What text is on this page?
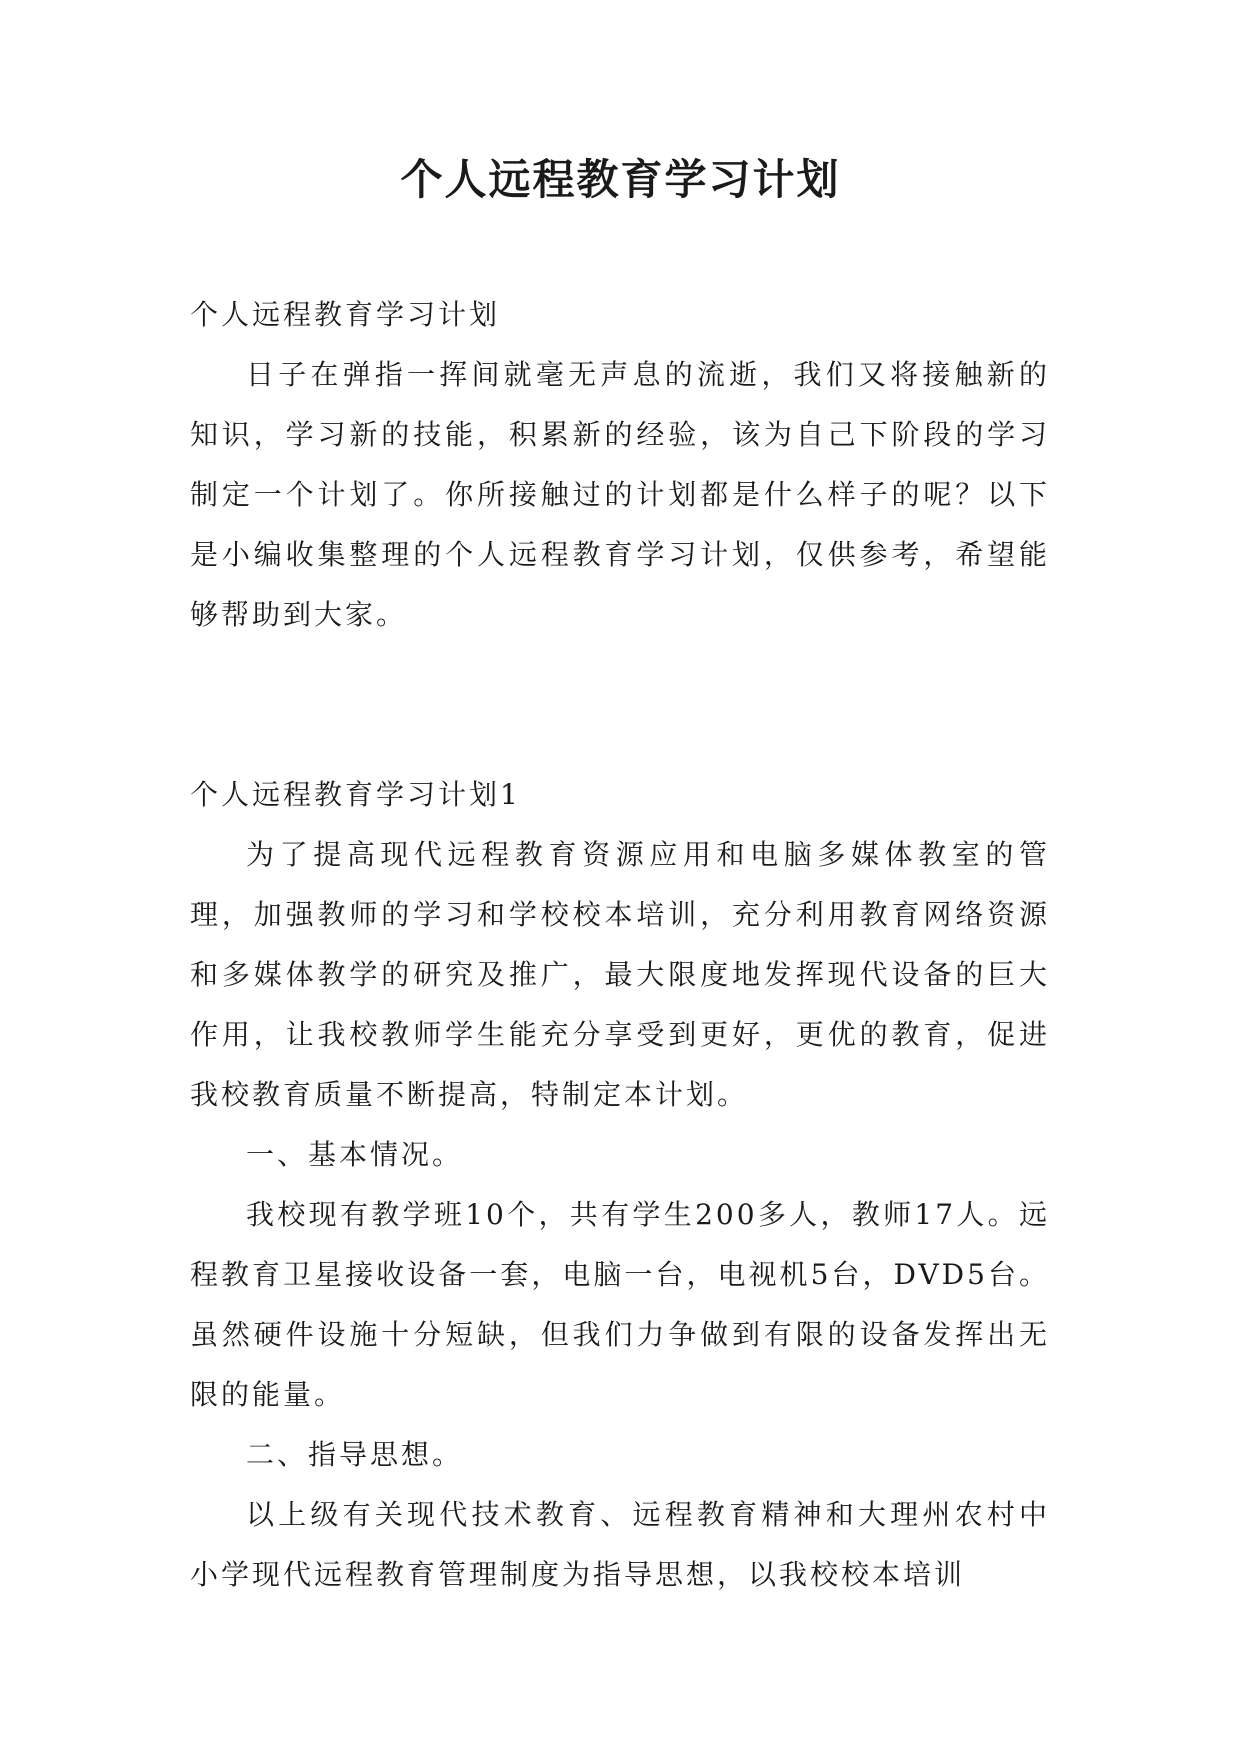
个人远程教育学习计划

个人远程教育学习计划

日子在弹指一挥间就毫无声息的流逝，我们又将接触新的知识，学习新的技能，积累新的经验，该为自己下阶段的学习制定一个计划了。你所接触过的计划都是什么样子的呢？以下是小编收集整理的个人远程教育学习计划，仅供参考，希望能够帮助到大家。

个人远程教育学习计划1

为了提高现代远程教育资源应用和电脑多媒体教室的管理，加强教师的学习和学校校本培训，充分利用教育网络资源和多媒体教学的研究及推广，最大限度地发挥现代设备的巨大作用，让我校教师学生能充分享受到更好，更优的教育，促进我校教育质量不断提高，特制定本计划。

一、基本情况。

我校现有教学班10个，共有学生200多人，教师17人。远程教育卫星接收设备一套，电脑一台，电视机5台，DVD5台。虽然硬件设施十分短缺，但我们力争做到有限的设备发挥出无限的能量。

二、指导思想。

以上级有关现代技术教育、远程教育精神和大理州农村中小学现代远程教育管理制度为指导思想，以我校校本培训
